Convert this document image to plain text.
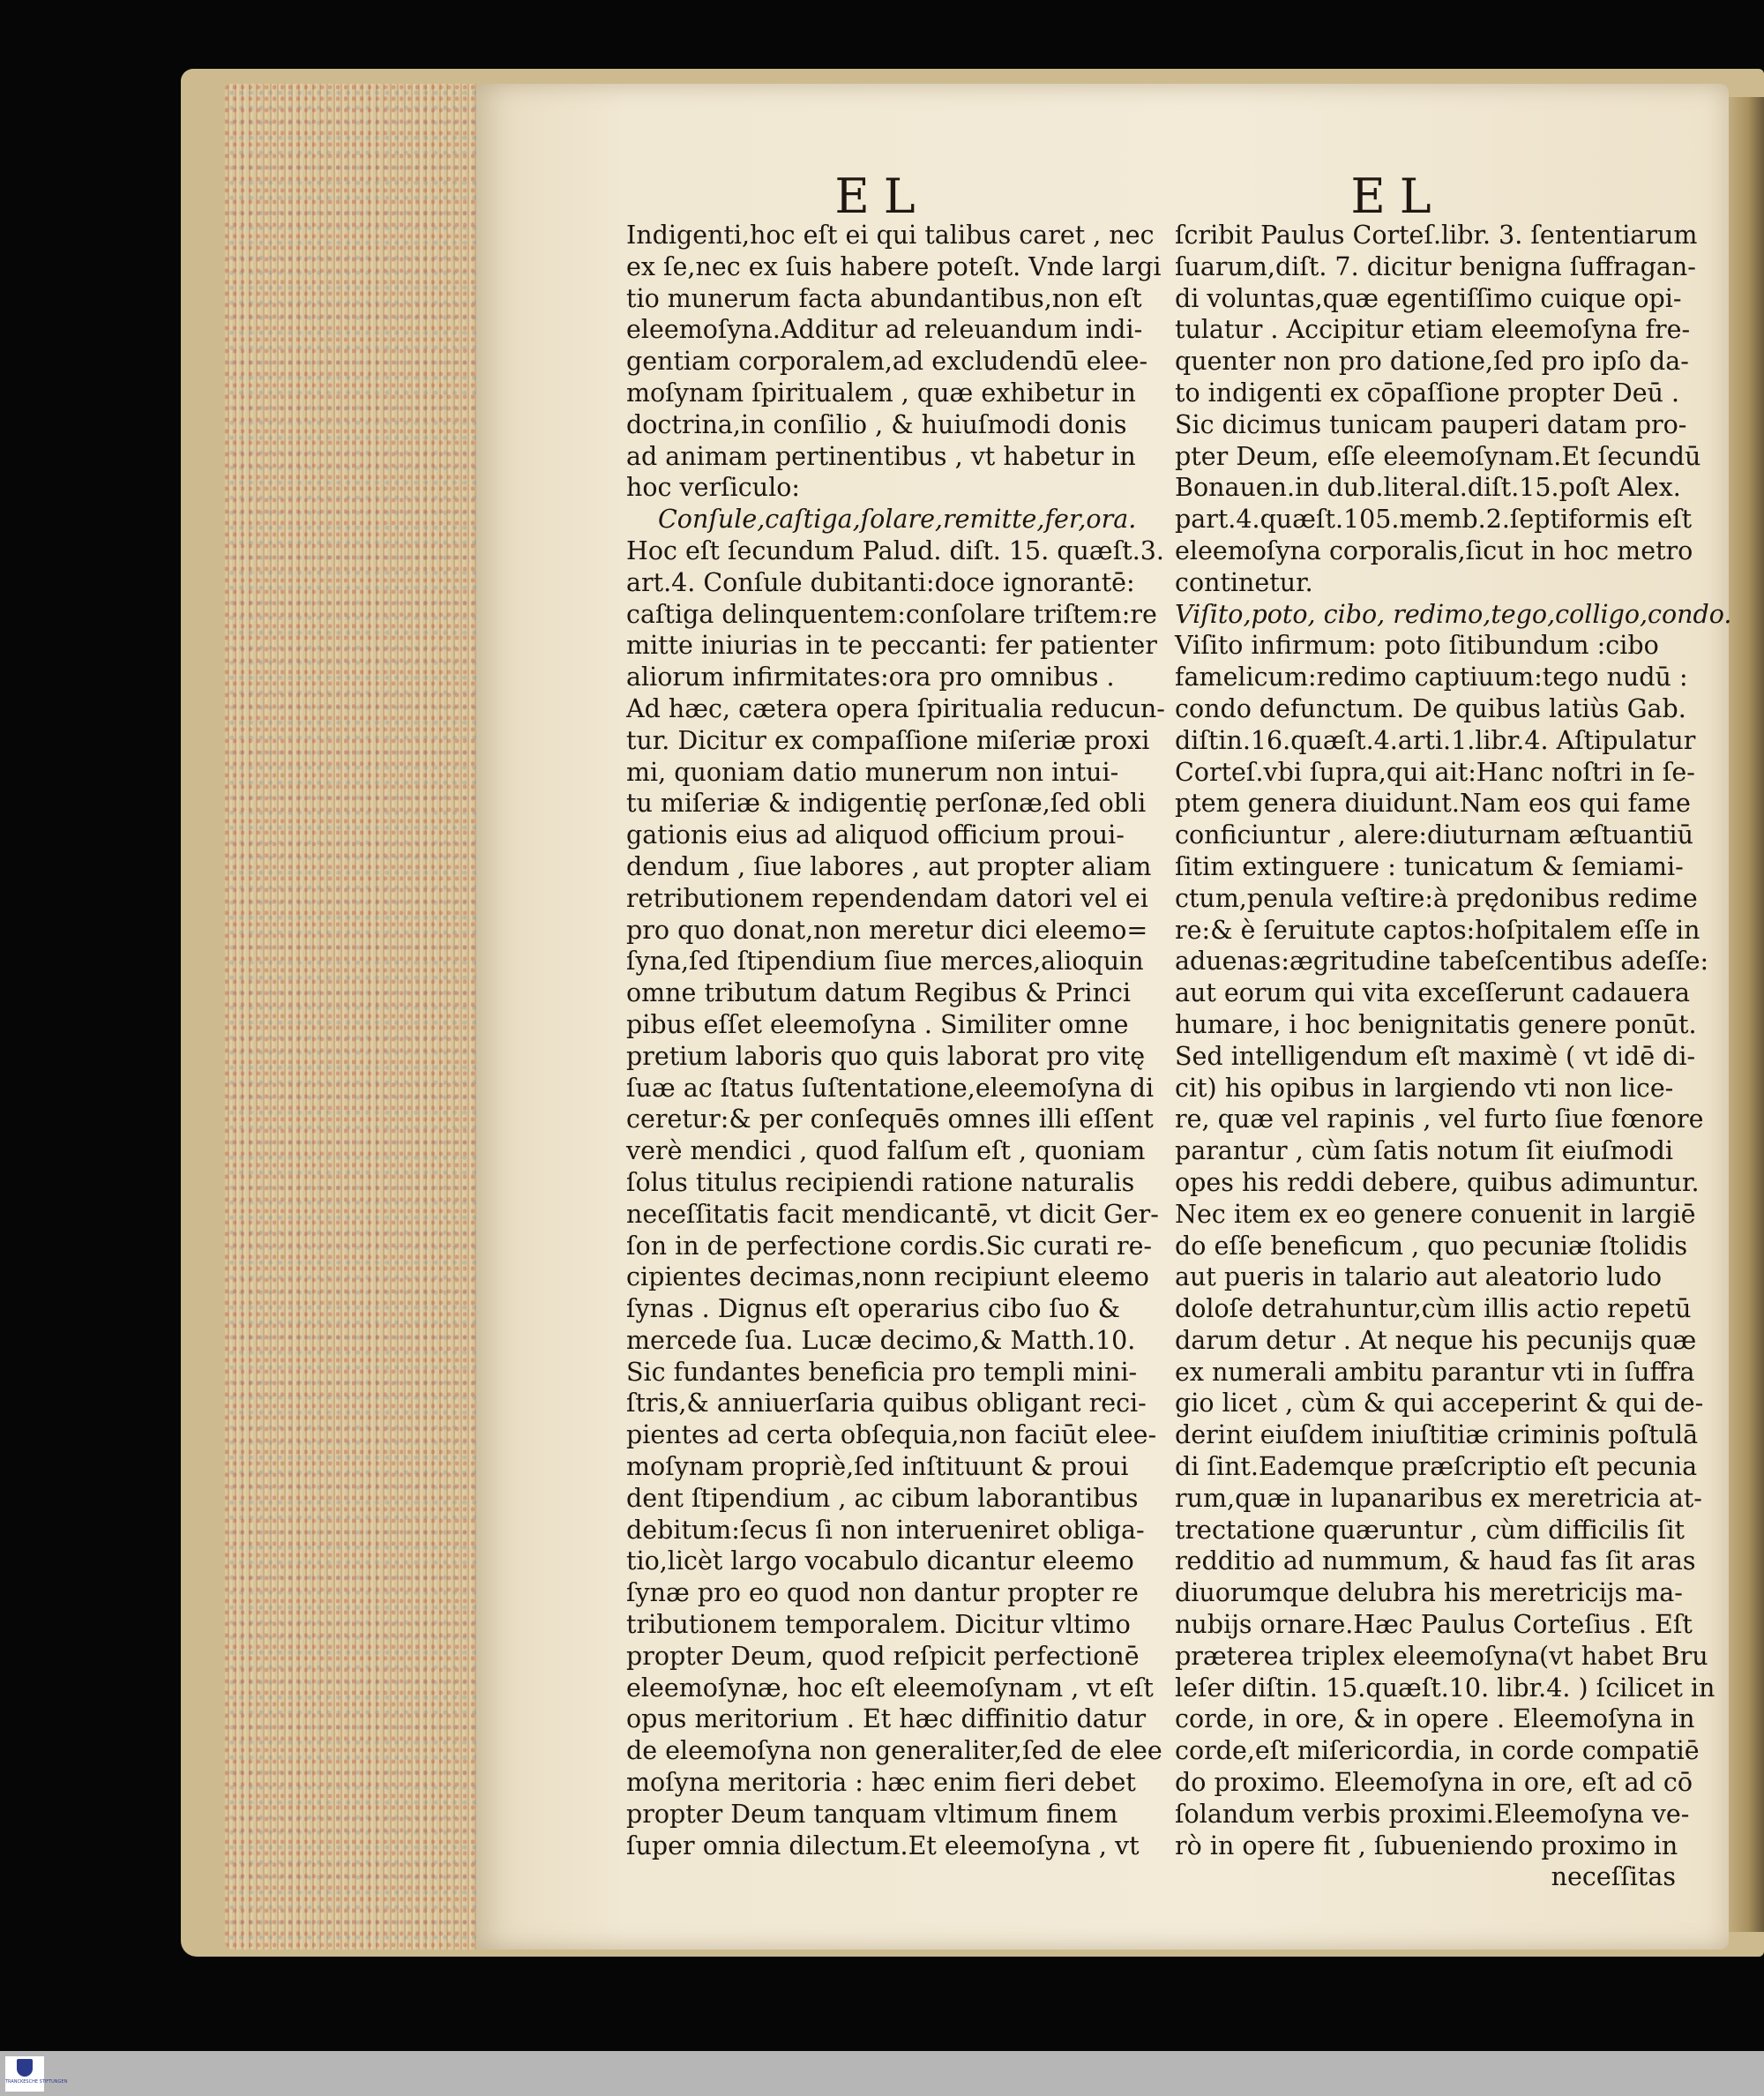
EL	EL
Indigenti,hoc eſt ei qui talibus caret , nec
ex ſe,nec ex ſuis habere poteſt. Vnde largi
tio munerum facta abundantibus,non eſt
eleemoſyna.Additur ad releuandum indi-
gentiam corporalem,ad excludendū elee-
moſynam ſpiritualem , quæ exhibetur in
doctrina,in conſilio , & huiuſmodi donis
ad animam pertinentibus , vt habetur in
hoc verſiculo:
Conſule,caſtiga,ſolare,remitte,fer,ora.
Hoc eſt ſecundum Palud. diſt. 15. quæſt.3.
art.4. Conſule dubitanti:doce ignorantē:
caſtiga delinquentem:conſolare triſtem:re
mitte iniurias in te peccanti: fer patienter
aliorum infirmitates:ora pro omnibus .
Ad hæc, cætera opera ſpiritualia reducun-
tur. Dicitur ex compaſſione miſeriæ proxi
mi, quoniam datio munerum non intui-
tu miſeriæ & indigentię perſonæ,ſed obli
gationis eius ad aliquod officium proui-
dendum , ſiue labores , aut propter aliam
retributionem rependendam datori vel ei
pro quo donat,non meretur dici eleemo=
ſyna,ſed ſtipendium ſiue merces,alioquin
omne tributum datum Regibus & Princi
pibus eſſet eleemoſyna . Similiter omne
pretium laboris quo quis laborat pro vitę
ſuæ ac ſtatus ſuſtentatione,eleemoſyna di
ceretur:& per conſequēs omnes illi eſſent
verè mendici , quod falſum eſt , quoniam
ſolus titulus recipiendi ratione naturalis
neceſſitatis facit mendicantē, vt dicit Ger-
ſon in de perfectione cordis.Sic curati re-
cipientes decimas,nonn recipiunt eleemo
ſynas . Dignus eſt operarius cibo ſuo &
mercede ſua. Lucæ decimo,& Matth.10.
Sic fundantes beneficia pro templi mini-
ſtris,& anniuerſaria quibus obligant reci-
pientes ad certa obſequia,non faciūt elee-
moſynam propriè,ſed inſtituunt & proui
dent ſtipendium , ac cibum laborantibus
debitum:ſecus ſi non interueniret obliga-
tio,licèt largo vocabulo dicantur eleemo
ſynæ pro eo quod non dantur propter re
tributionem temporalem. Dicitur vltimo
propter Deum, quod reſpicit perfectionē
eleemoſynæ, hoc eſt eleemoſynam , vt eſt
opus meritorium . Et hæc diffinitio datur
de eleemoſyna non generaliter,ſed de elee
moſyna meritoria : hæc enim fieri debet
propter Deum tanquam vltimum finem
ſuper omnia dilectum.Et eleemoſyna , vt
ſcribit Paulus Corteſ.libr. 3. ſententiarum
ſuarum,diſt. 7. dicitur benigna ſuffragan-
di voluntas,quæ egentiſſimo cuique opi-
tulatur . Accipitur etiam eleemoſyna fre-
quenter non pro datione,ſed pro ipſo da-
to indigenti ex cōpaſſione propter Deū .
Sic dicimus tunicam pauperi datam pro-
pter Deum, eſſe eleemoſynam.Et ſecundū
Bonauen.in dub.literal.diſt.15.poſt Alex.
part.4.quæſt.105.memb.2.ſeptiformis eſt
eleemoſyna corporalis,ſicut in hoc metro
continetur.
Viſito,poto, cibo, redimo,tego,colligo,condo.
Viſito infirmum: poto ſitibundum :cibo
famelicum:redimo captiuum:tego nudū :
condo defunctum. De quibus latiùs Gab.
diſtin.16.quæſt.4.arti.1.libr.4. Aſtipulatur
Corteſ.vbi ſupra,qui ait:Hanc noſtri in ſe-
ptem genera diuidunt.Nam eos qui fame
conficiuntur , alere:diuturnam æſtuantiū
ſitim extinguere : tunicatum & ſemiami-
ctum,penula veſtire:à prędonibus redime
re:& è ſeruitute captos:hoſpitalem eſſe in
aduenas:ægritudine tabeſcentibus adeſſe:
aut eorum qui vita exceſſerunt cadauera
humare, i hoc benignitatis genere ponūt.
Sed intelligendum eſt maximè ( vt idē di-
cit) his opibus in largiendo vti non lice-
re, quæ vel rapinis , vel furto ſiue fœnore
parantur , cùm ſatis notum ſit eiuſmodi
opes his reddi debere, quibus adimuntur.
Nec item ex eo genere conuenit in largiē
do eſſe beneficum , quo pecuniæ ſtolidis
aut pueris in talario aut aleatorio ludo
doloſe detrahuntur,cùm illis actio repetū
darum detur . At neque his pecunijs quæ
ex numerali ambitu parantur vti in ſuffra
gio licet , cùm & qui acceperint & qui de-
derint eiuſdem iniuſtitiæ criminis poſtulā
di ſint.Eademque præſcriptio eſt pecunia
rum,quæ in lupanaribus ex meretricia at-
trectatione quæruntur , cùm difficilis ſit
redditio ad nummum, & haud fas ſit aras
diuorumque delubra his meretricijs ma-
nubijs ornare.Hæc Paulus Corteſius . Eſt
præterea triplex eleemoſyna(vt habet Bru
leſer diſtin. 15.quæſt.10. libr.4. ) ſcilicet in
corde, in ore, & in opere . Eleemoſyna in
corde,eſt miſericordia, in corde compatiē
do proximo. Eleemoſyna in ore, eſt ad cō
ſolandum verbis proximi.Eleemoſyna ve-
rò in opere fit , ſubueniendo proximo in
neceſſitas
TRANCKESCHE STIFTUNGEN
